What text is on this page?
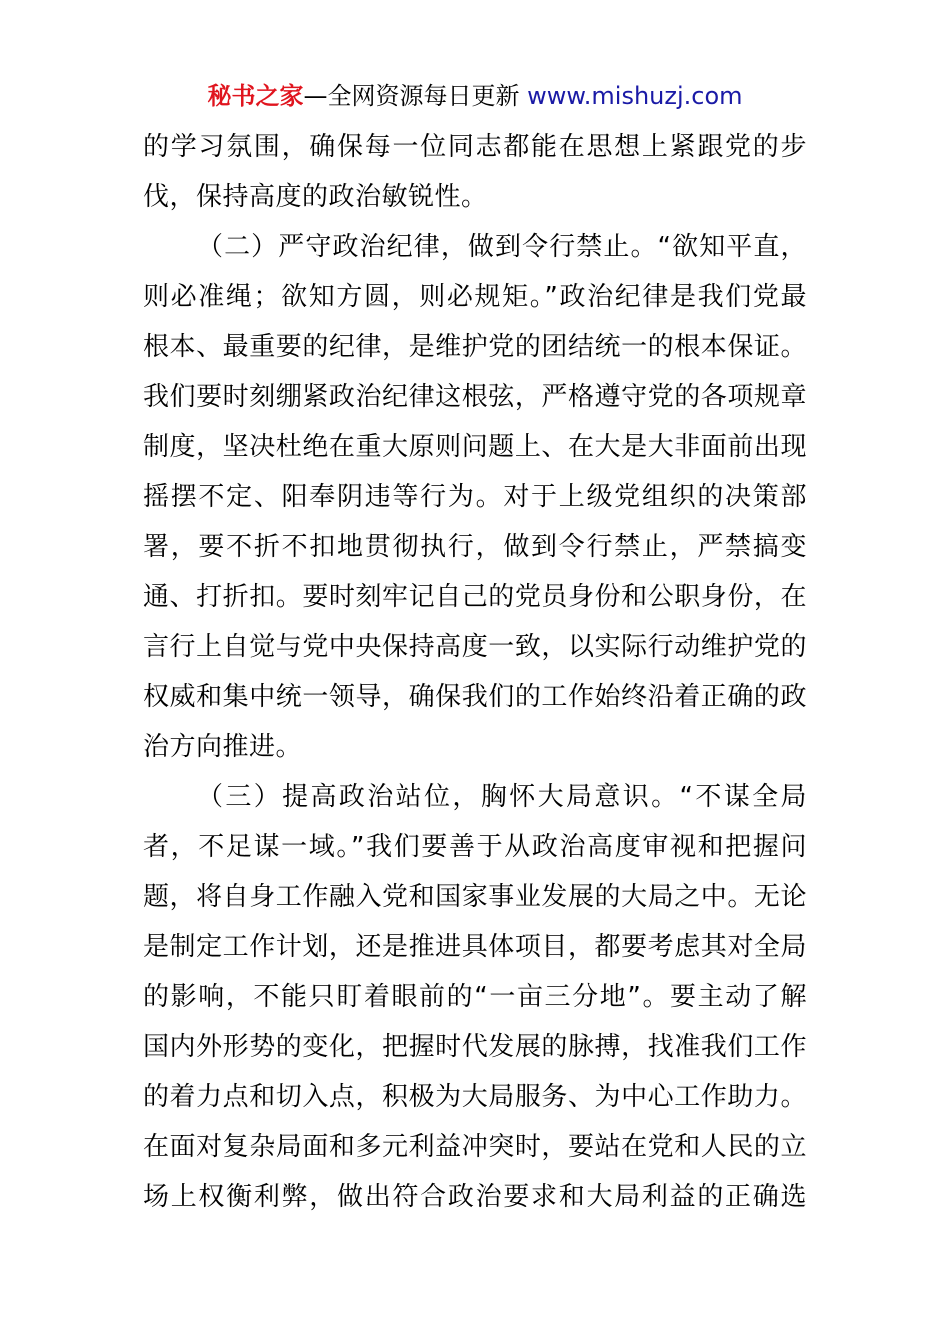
秘书之家—全网资源每日更新 www.mishuzj.com
的学习氛围，确保每一位同志都能在思想上紧跟党的步
伐，保持高度的政治敏锐性。
（二）严守政治纪律，做到令行禁止。“欲知平直，
则必准绳；欲知方圆，则必规矩。”政治纪律是我们党最
根本、最重要的纪律，是维护党的团结统一的根本保证。
我们要时刻绷紧政治纪律这根弦，严格遵守党的各项规章
制度，坚决杜绝在重大原则问题上、在大是大非面前出现
摇摆不定、阳奉阴违等行为。对于上级党组织的决策部
署，要不折不扣地贯彻执行，做到令行禁止，严禁搞变
通、打折扣。要时刻牢记自己的党员身份和公职身份，在
言行上自觉与党中央保持高度一致，以实际行动维护党的
权威和集中统一领导，确保我们的工作始终沿着正确的政
治方向推进。
（三）提高政治站位，胸怀大局意识。“不谋全局
者，不足谋一域。”我们要善于从政治高度审视和把握问
题，将自身工作融入党和国家事业发展的大局之中。无论
是制定工作计划，还是推进具体项目，都要考虑其对全局
的影响，不能只盯着眼前的“一亩三分地”。要主动了解
国内外形势的变化，把握时代发展的脉搏，找准我们工作
的着力点和切入点，积极为大局服务、为中心工作助力。
在面对复杂局面和多元利益冲突时，要站在党和人民的立
场上权衡利弊，做出符合政治要求和大局利益的正确选
